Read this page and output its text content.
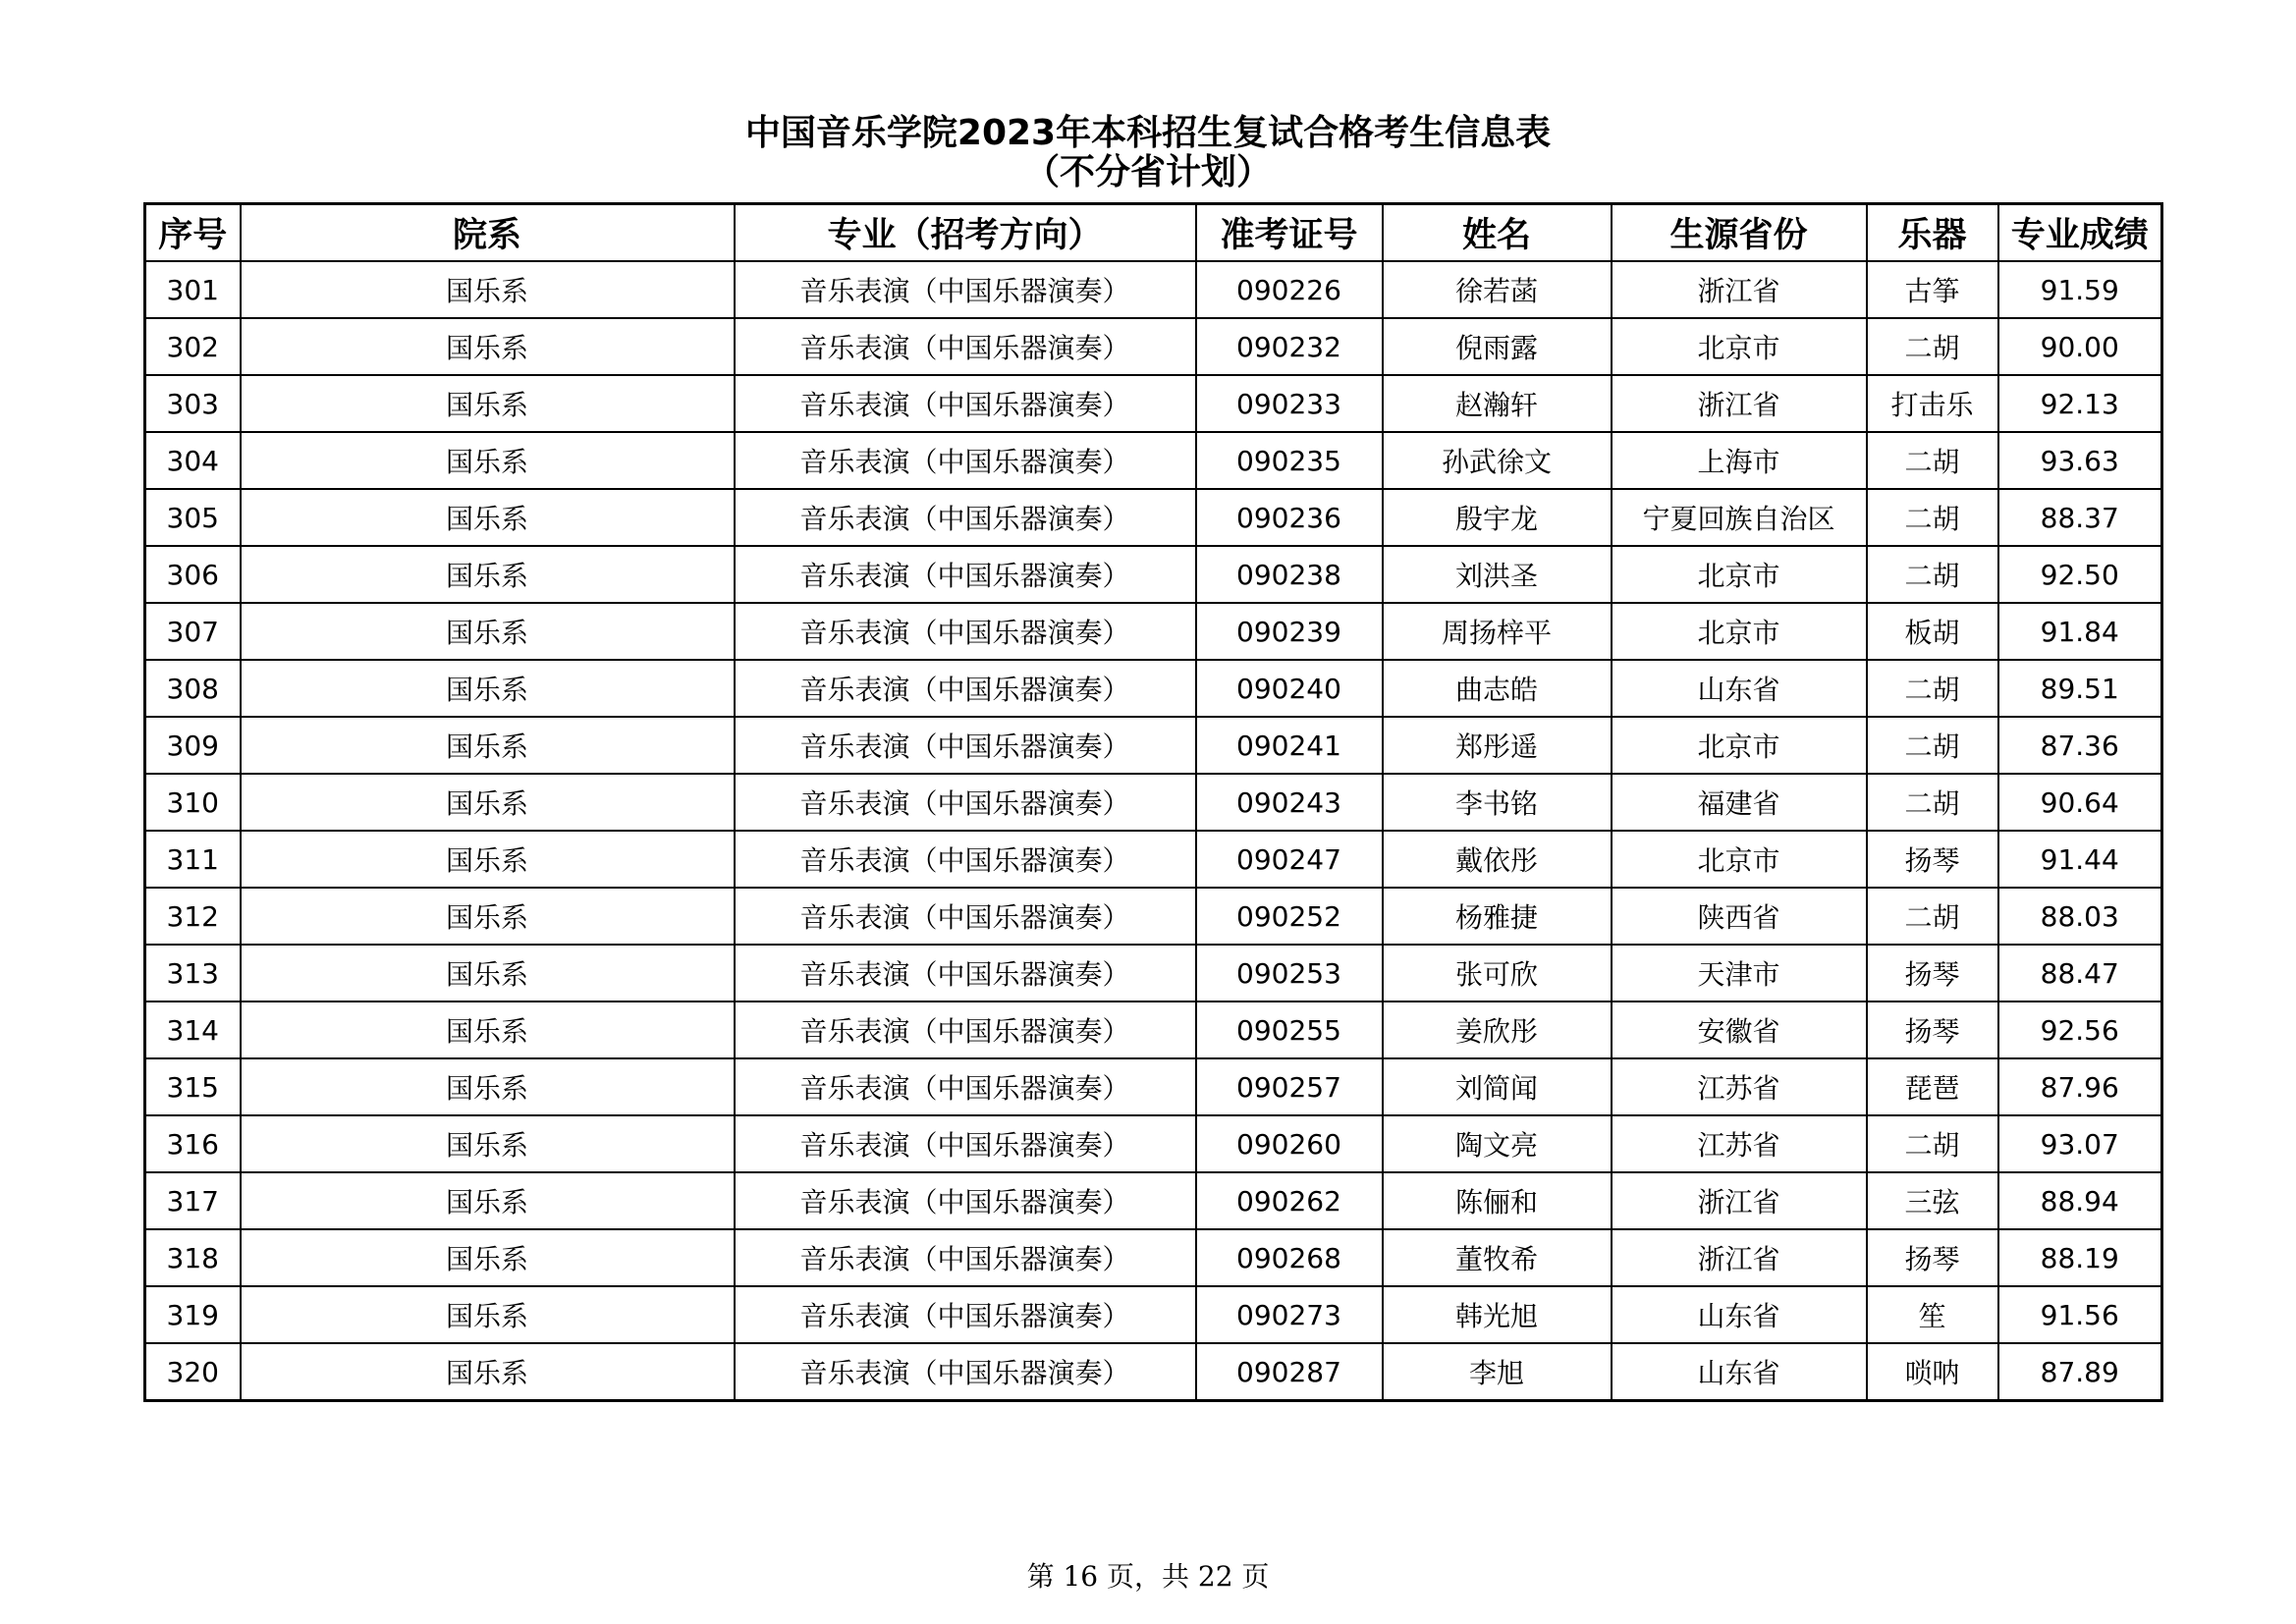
中国音乐学院2023年本科招生复试合格考生信息表
（不分省计划）
序号	院系	专业（招考方向）	准考证号	姓名	生源省份	乐器	专业成绩
301	国乐系	音乐表演（中国乐器演奏）	090226	徐若菡	浙江省	古筝	91.59
302	国乐系	音乐表演（中国乐器演奏）	090232	倪雨露	北京市	二胡	90.00
303	国乐系	音乐表演（中国乐器演奏）	090233	赵瀚轩	浙江省	打击乐	92.13
304	国乐系	音乐表演（中国乐器演奏）	090235	孙武徐文	上海市	二胡	93.63
305	国乐系	音乐表演（中国乐器演奏）	090236	殷宇龙	宁夏回族自治区	二胡	88.37
306	国乐系	音乐表演（中国乐器演奏）	090238	刘洪圣	北京市	二胡	92.50
307	国乐系	音乐表演（中国乐器演奏）	090239	周扬梓平	北京市	板胡	91.84
308	国乐系	音乐表演（中国乐器演奏）	090240	曲志皓	山东省	二胡	89.51
309	国乐系	音乐表演（中国乐器演奏）	090241	郑彤遥	北京市	二胡	87.36
310	国乐系	音乐表演（中国乐器演奏）	090243	李书铭	福建省	二胡	90.64
311	国乐系	音乐表演（中国乐器演奏）	090247	戴依彤	北京市	扬琴	91.44
312	国乐系	音乐表演（中国乐器演奏）	090252	杨雅捷	陕西省	二胡	88.03
313	国乐系	音乐表演（中国乐器演奏）	090253	张可欣	天津市	扬琴	88.47
314	国乐系	音乐表演（中国乐器演奏）	090255	姜欣彤	安徽省	扬琴	92.56
315	国乐系	音乐表演（中国乐器演奏）	090257	刘简闻	江苏省	琵琶	87.96
316	国乐系	音乐表演（中国乐器演奏）	090260	陶文亮	江苏省	二胡	93.07
317	国乐系	音乐表演（中国乐器演奏）	090262	陈俪和	浙江省	三弦	88.94
318	国乐系	音乐表演（中国乐器演奏）	090268	董牧希	浙江省	扬琴	88.19
319	国乐系	音乐表演（中国乐器演奏）	090273	韩光旭	山东省	笙	91.56
320	国乐系	音乐表演（中国乐器演奏）	090287	李旭	山东省	唢呐	87.89
第 16 页，共 22 页
